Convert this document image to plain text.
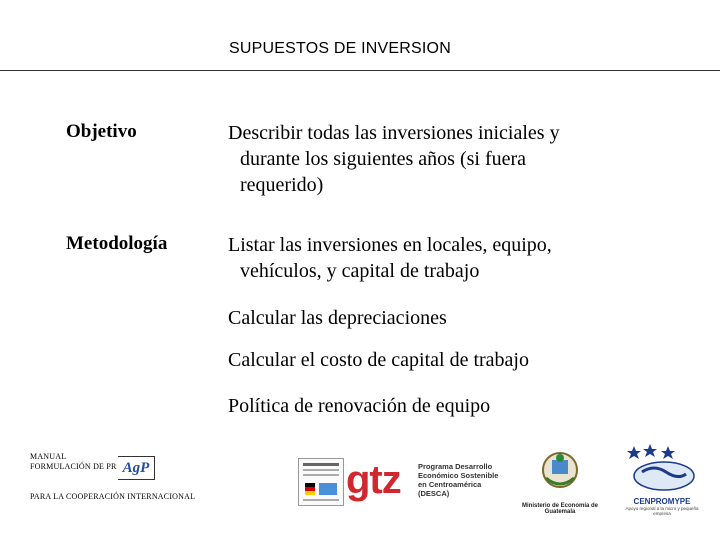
SUPUESTOS DE INVERSION
Objetivo	Describir todas las inversiones iniciales y
durante los siguientes años (si fuera
requerido)
Metodología	Listar las inversiones en locales, equipo,
vehículos, y capital de trabajo
Calcular las depreciaciones
Calcular el costo de capital de trabajo
Política de renovación de equipo
MANUAL
FORMULACIÓN DE PR AgP
PARA LA COOPERACIÓN INTERNACIONAL	gtz Programa Desarrollo
Económico Sostenible
en Centroamérica
(DESCA)
Ministerio de Economía de Guatemala
CENPROMYPE
Apoyo regional a la micro y pequeña empresa
